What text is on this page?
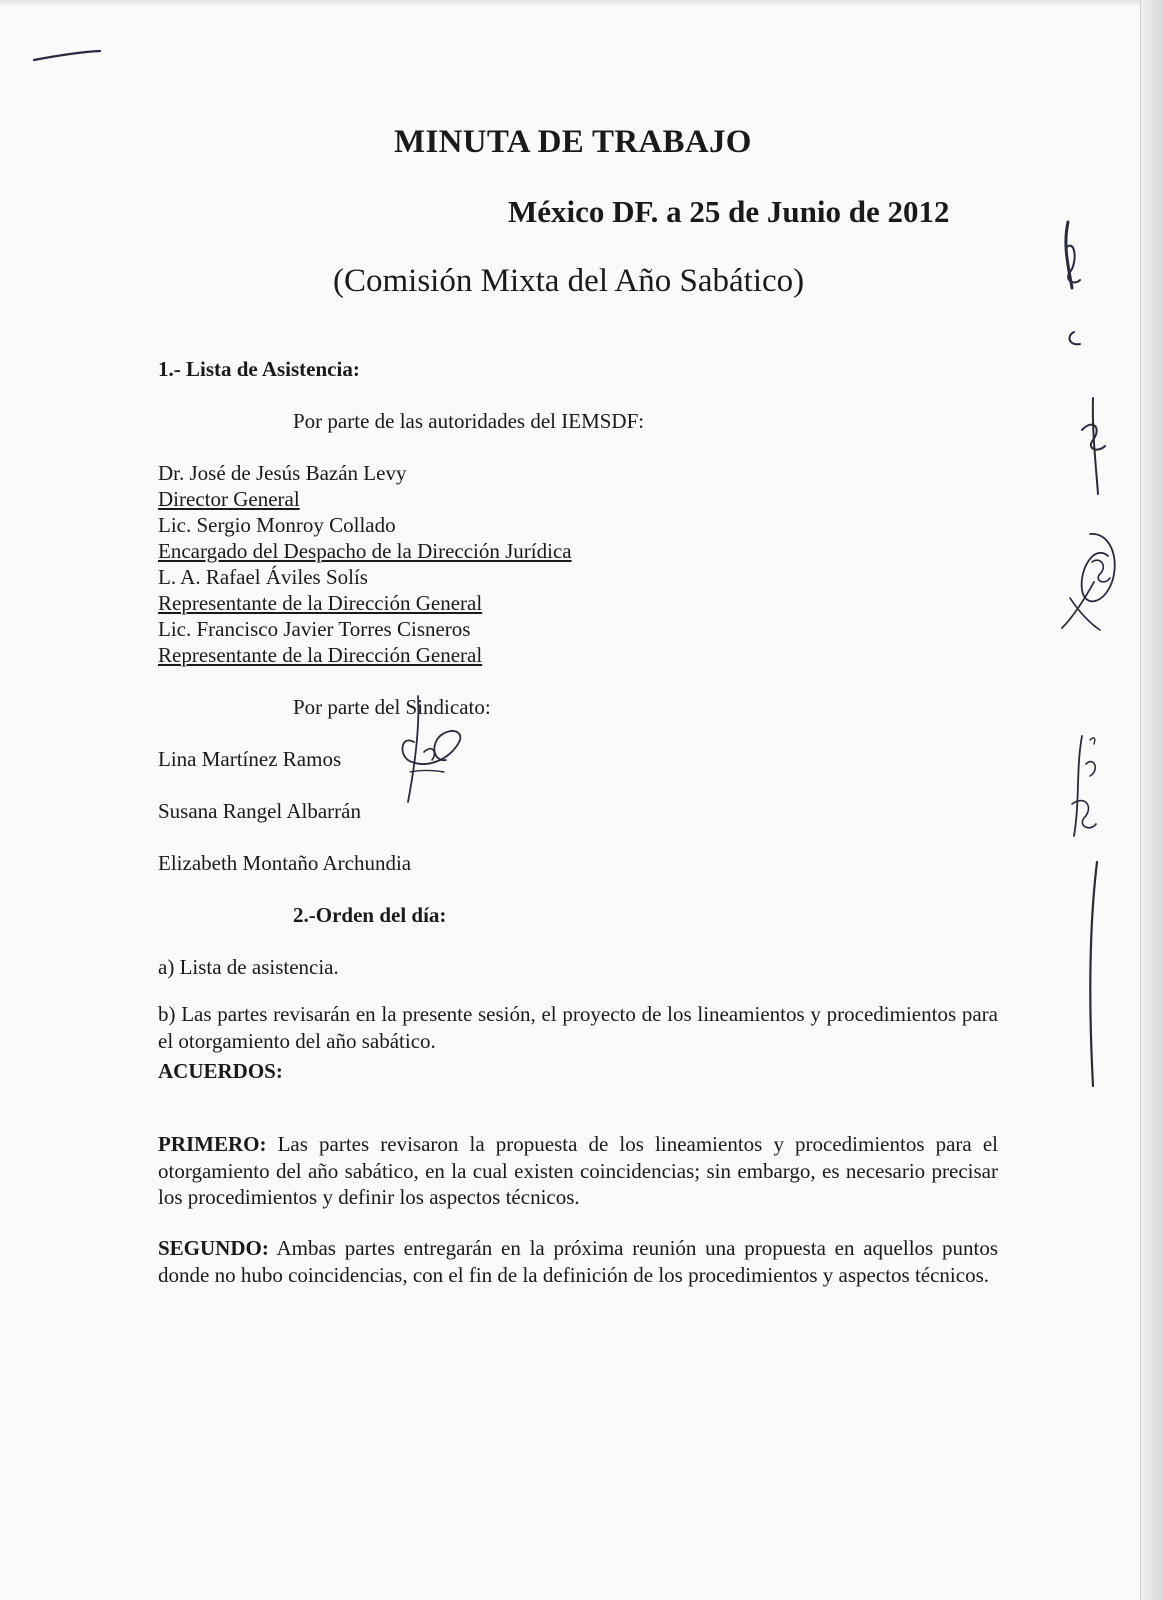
MINUTA DE TRABAJO

México DF. a 25 de Junio de 2012

(Comisión Mixta del Año Sabático)

1.- Lista de Asistencia:

Por parte de las autoridades del IEMSDF:

Dr. José de Jesús Bazán Levy

Director General

Lic. Sergio Monroy Collado

Encargado del Despacho de la Dirección Jurídica

L. A. Rafael Áviles Solís

Representante de la Dirección General

Lic. Francisco Javier Torres Cisneros

Representante de la Dirección General

Por parte del Sindicato:

Lina Martínez Ramos

Susana Rangel Albarrán

Elizabeth Montaño Archundia

2.-Orden del día:

a) Lista de asistencia.

b) Las partes revisarán en la presente sesión, el proyecto de los lineamientos y procedimientos para el otorgamiento del año sabático.

ACUERDOS:

PRIMERO: Las partes revisaron la propuesta de los lineamientos y procedimientos para el otorgamiento del año sabático, en la cual existen coincidencias; sin embargo, es necesario precisar los procedimientos y definir los aspectos técnicos.

SEGUNDO: Ambas partes entregarán en la próxima reunión una propuesta en aquellos puntos donde no hubo coincidencias, con el fin de la definición de los procedimientos y aspectos técnicos.
